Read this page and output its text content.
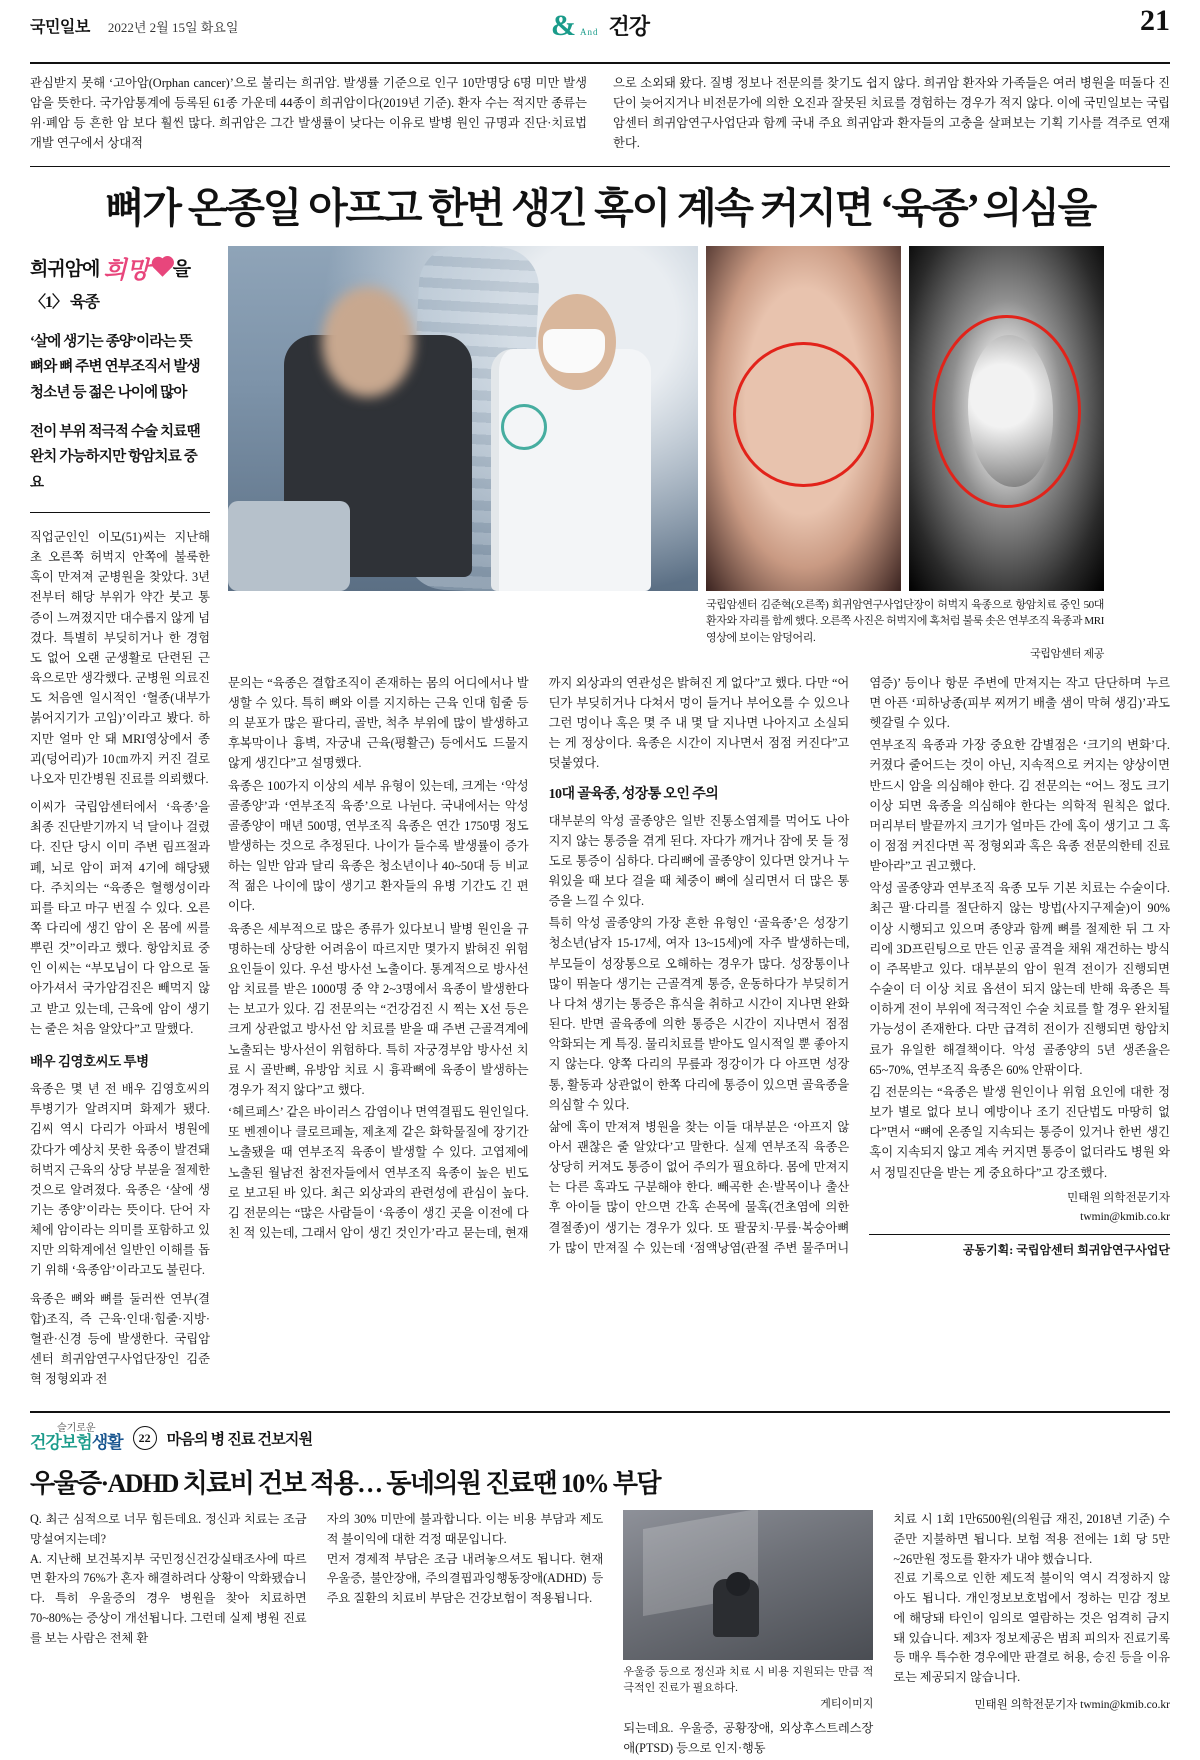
국민일보 2022년 2월 15일 화요일	& And 건강	21

관심받지 못해 ‘고아암(Orphan cancer)’으로 불리는 희귀암. 발생률 기준으로 인구 10만명당 6명 미만 발생 암을 뜻한다. 국가암통계에 등록된 61종 가운데 44종이 희귀암이다(2019년 기준). 환자 수는 적지만 종류는 위·폐암 등 흔한 암 보다 훨씬 많다. 희귀암은 그간 발생률이 낮다는 이유로 발병 원인 규명과 진단·치료법 개발 연구에서 상대적

으로 소외돼 왔다. 질병 정보나 전문의를 찾기도 쉽지 않다. 희귀암 환자와 가족들은 여러 병원을 떠돌다 진단이 늦어지거나 비전문가에 의한 오진과 잘못된 치료를 경험하는 경우가 적지 않다. 이에 국민일보는 국립암센터 희귀암연구사업단과 함께 국내 주요 희귀암과 환자들의 고충을 살펴보는 기획 기사를 격주로 연재한다.

뼈가 온종일 아프고 한번 생긴 혹이 계속 커지면 ‘육종’ 의심을
희귀암에 희망 을
〈1〉 육종
‘살에 생기는 종양’이라는 뜻
뼈와 뼈 주변 연부조직서 발생
청소년 등 젊은 나이에 많아
전이 부위 적극적 수술 치료땐
완치 가능하지만 항암치료 중요

직업군인인 이모(51)씨는 지난해 초 오른쪽 허벅지 안쪽에 불룩한 혹이 만져져 군병원을 찾았다. 3년전부터 해당 부위가 약간 붓고 통증이 느껴졌지만 대수롭지 않게 넘겼다. 특별히 부딪히거나 한 경험도 없어 오랜 군생활로 단련된 근육으로만 생각했다. 군병원 의료진도 처음엔 일시적인 ‘혈종(내부가 붉어지기가 고임)’이라고 봤다. 하지만 얼마 안 돼 MRI영상에서 종괴(덩어리)가 10㎝까지 커진 걸로 나오자 민간병원 진료를 의뢰했다.

이씨가 국립암센터에서 ‘육종’을 최종 진단받기까지 넉 달이나 걸렸다. 진단 당시 이미 주변 림프절과 폐, 뇌로 암이 퍼져 4기에 해당됐다. 주치의는 “육종은 혈행성이라 피를 타고 마구 번질 수 있다. 오른쪽 다리에 생긴 암이 온 몸에 씨를 뿌린 것”이라고 했다. 항암치료 중인 이씨는 “부모님이 다 암으로 돌아가셔서 국가암검진은 빼먹지 않고 받고 있는데, 근육에 암이 생기는 줄은 처음 알았다”고 말했다.

배우 김영호씨도 투병

육종은 몇 년 전 배우 김영호씨의 투병기가 알려지며 화제가 됐다. 김씨 역시 다리가 아파서 병원에 갔다가 예상치 못한 육종이 발견돼 허벅지 근육의 상당 부분을 절제한 것으로 알려졌다. 육종은 ‘살에 생기는 종양’이라는 뜻이다. 단어 자체에 암이라는 의미를 포함하고 있지만 의학계에선 일반인 이해를 돕기 위해 ‘육종암’이라고도 불린다.

육종은 뼈와 뼈를 둘러싼 연부(결합)조직, 즉 근육·인대·힘줄·지방·혈관·신경 등에 발생한다. 국립암센터 희귀암연구사업단장인 김준혁 정형외과 전

국립암센터 김준혁(오른쪽) 희귀암연구사업단장이 허벅지 육종으로 항암치료 중인 50대 환자와 자리를 함께 했다. 오른쪽 사진은 허벅지에 혹처럼 불룩 솟은 연부조직 육종과 MRI영상에 보이는 암덩어리.
국립암센터 제공

문의는 “육종은 결합조직이 존재하는 몸의 어디에서나 발생할 수 있다. 특히 뼈와 이를 지지하는 근육 인대 힘줄 등의 분포가 많은 팔다리, 골반, 척추 부위에 많이 발생하고 후복막이나 흉벽, 자궁내 근육(평활근) 등에서도 드물지 않게 생긴다”고 설명했다.

육종은 100가지 이상의 세부 유형이 있는데, 크게는 ‘악성 골종양’과 ‘연부조직 육종’으로 나뉜다. 국내에서는 악성 골종양이 매년 500명, 연부조직 육종은 연간 1750명 정도 발생하는 것으로 추정된다. 나이가 들수록 발생률이 증가하는 일반 암과 달리 육종은 청소년이나 40~50대 등 비교적 젊은 나이에 많이 생기고 환자들의 유병 기간도 긴 편이다.

육종은 세부적으로 많은 종류가 있다보니 발병 원인을 규명하는데 상당한 어려움이 따르지만 몇가지 밝혀진 위험 요인들이 있다. 우선 방사선 노출이다. 통계적으로 방사선 암 치료를 받은 1000명 중 약 2~3명에서 육종이 발생한다는 보고가 있다. 김 전문의는 “건강검진 시 찍는 X선 등은 크게 상관없고 방사선 암 치료를 받을 때 주변 근골격계에 노출되는 방사선이 위험하다. 특히 자궁경부암 방사선 치료 시 골반뼈, 유방암 치료 시 흉곽뼈에 육종이 발생하는 경우가 적지 않다”고 했다.

‘헤르페스’ 같은 바이러스 감염이나 면역결핍도 원인일다. 또 벤젠이나 클로르페놀, 제초제 같은 화학물질에 장기간 노출됐을 때 연부조직 육종이 발생할 수 있다. 고엽제에 노출된 월남전 참전자들에서 연부조직 육종이 높은 빈도로 보고된 바 있다. 최근 외상과의 관련성에 관심이 높다. 김 전문의는 “많은 사람들이 ‘육종이 생긴 곳을 이전에 다친 적 있는데, 그래서 암이 생긴 것인가’라고 묻는데, 현재까지 외상과의 연관성은 밝혀진 게 없다”고 했다. 다만 “어딘가 부딪히거나 다쳐서 멍이 들거나 부어오를 수 있으나 그런 멍이나 혹은 몇 주 내 몇 달 지나면 나아지고 소실되는 게 정상이다. 육종은 시간이 지나면서 점점 커진다”고 덧붙였다.

10대 골육종, 성장통 오인 주의

대부분의 악성 골종양은 일반 진통소염제를 먹어도 나아지지 않는 통증을 겪게 된다. 자다가 깨거나 잠에 못 들 정도로 통증이 심하다. 다리뼈에 골종양이 있다면 앉거나 누워있을 때 보다 걸을 때 체중이 뼈에 실리면서 더 많은 통증을 느낄 수 있다.

특히 악성 골종양의 가장 흔한 유형인 ‘골육종’은 성장기 청소년(남자 15-17세, 여자 13~15세)에 자주 발생하는데, 부모들이 성장통으로 오해하는 경우가 많다. 성장통이나 많이 뛰놀다 생기는 근골격계 통증, 운동하다가 부딪히거나 다쳐 생기는 통증은 휴식을 취하고 시간이 지나면 완화된다. 반면 골육종에 의한 통증은 시간이 지나면서 점점 악화되는 게 특징. 물리치료를 받아도 일시적일 뿐 좋아지지 않는다. 양쪽 다리의 무릎과 정강이가 다 아프면 성장통, 활동과 상관없이 한쪽 다리에 통증이 있으면 골육종을 의심할 수 있다.

삶에 혹이 만져져 병원을 찾는 이들 대부분은 ‘아프지 않아서 괜찮은 줄 알았다’고 말한다. 실제 연부조직 육종은 상당히 커져도 통증이 없어 주의가 필요하다. 몸에 만져지는 다른 혹과도 구분해야 한다. 빼곡한 손·발목이나 출산 후 아이들 많이 안으면 간혹 손목에 물혹(건초염에 의한 결절종)이 생기는 경우가 있다. 또 팔꿈치·무릎·복숭아뼈가 많이 만져질 수 있는데 ‘점액낭염(관절 주변 물주머니 염증)’ 등이나 항문 주변에 만져지는 작고 단단하며 누르면 아픈 ‘피하낭종(피부 찌꺼기 배출 샘이 막혀 생김)’과도 헷갈릴 수 있다.

연부조직 육종과 가장 중요한 감별점은 ‘크기의 변화’다. 커졌다 줄어드는 것이 아닌, 지속적으로 커지는 양상이면 반드시 암을 의심해야 한다. 김 전문의는 “어느 정도 크기 이상 되면 육종을 의심해야 한다는 의학적 원칙은 없다. 머리부터 발끝까지 크기가 얼마든 간에 혹이 생기고 그 혹이 점점 커진다면 꼭 정형외과 혹은 육종 전문의한테 진료받아라”고 권고했다.

악성 골종양과 연부조직 육종 모두 기본 치료는 수술이다. 최근 팔·다리를 절단하지 않는 방법(사지구제술)이 90% 이상 시행되고 있으며 종양과 함께 뼈를 절제한 뒤 그 자리에 3D프린팅으로 만든 인공 골격을 채워 재건하는 방식이 주목받고 있다. 대부분의 암이 원격 전이가 진행되면 수술이 더 이상 치료 옵션이 되지 않는데 반해 육종은 특이하게 전이 부위에 적극적인 수술 치료를 할 경우 완치될 가능성이 존재한다. 다만 급격히 전이가 진행되면 항암치료가 유일한 해결책이다. 악성 골종양의 5년 생존율은 65~70%, 연부조직 육종은 60% 안팎이다.

김 전문의는 “육종은 발생 원인이나 위험 요인에 대한 정보가 별로 없다 보니 예방이나 조기 진단법도 마땅히 없다”면서 “뼈에 온종일 지속되는 통증이 있거나 한번 생긴 혹이 지속되지 않고 계속 커지면 통증이 없더라도 병원 와서 정밀진단을 받는 게 중요하다”고 강조했다.

민태원 의학전문기자
twmin@kmib.co.kr
공동기획: 국립암센터 희귀암연구사업단
슬기로운
건강보험생활	22	마음의 병 진료 건보지원
우울증·ADHD 치료비 건보 적용… 동네의원 진료땐 10% 부담

Q. 최근 심적으로 너무 힘든데요. 정신과 치료는 조금 망설여지는데?
A. 지난해 보건복지부 국민정신건강실태조사에 따르면 환자의 76%가 혼자 해결하려다 상황이 악화됐습니다. 특히 우울증의 경우 병원을 찾아 치료하면 70~80%는 증상이 개선됩니다. 그런데 실제 병원 진료를 보는 사람은 전체 환

자의 30% 미만에 불과합니다. 이는 비용 부담과 제도적 불이익에 대한 걱정 때문입니다.
먼저 경제적 부담은 조금 내려놓으셔도 됩니다. 현재 우울증, 불안장애, 주의결핍과잉행동장애(ADHD) 등 주요 질환의 치료비 부담은 건강보험이 적용됩니다.

우울증 등으로 정신과 치료 시 비용 지원되는 만큼 적극적인 진료가 필요하다.
게티이미지

되는데요. 우울증, 공황장애, 외상후스트레스장애(PTSD) 등으로 인지·행동

치료 시 1회 1만6500원(의원급 재진, 2018년 기준) 수준만 지불하면 됩니다. 보험 적용 전에는 1회 당 5만~26만원 정도를 환자가 내야 했습니다.
진료 기록으로 인한 제도적 불이익 역시 걱정하지 않아도 됩니다. 개인정보보호법에서 정하는 민감 정보에 해당돼 타인이 임의로 열람하는 것은 엄격히 금지돼 있습니다. 제3자 정보제공은 범죄 피의자 진료기록 등 매우 특수한 경우에만 판결로 허용, 승진 등을 이유로는 제공되지 않습니다.

민태원 의학전문기자 twmin@kmib.co.kr
